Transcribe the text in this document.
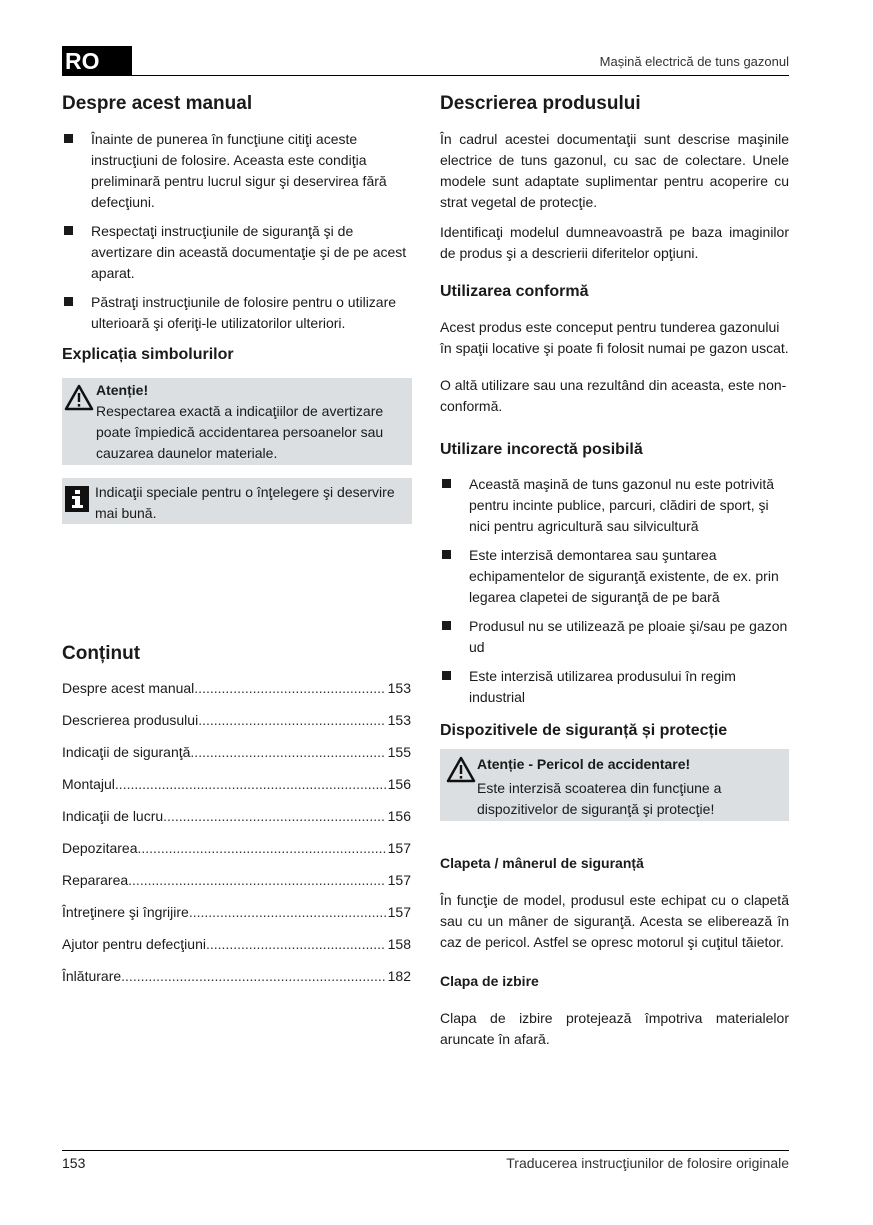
RO	Mașină electrică de tuns gazonul
Despre acest manual
Înainte de punerea în funcţiune citiţi aceste instrucţiuni de folosire. Aceasta este condiţia preliminară pentru lucrul sigur şi deservirea fără defecţiuni.
Respectaţi instrucţiunile de siguranţă şi de avertizare din această documentaţie şi de pe acest aparat.
Păstraţi instrucţiunile de folosire pentru o utilizare ulterioară şi oferiţi-le utilizatorilor ulteriori.
Explicația simbolurilor
Atenție!
Respectarea exactă a indicaţiilor de avertizare poate împiedică accidentarea persoanelor sau cauzarea daunelor materiale.
Indicaţii speciale pentru o înţelegere şi deservire mai bună.
Conținut
Despre acest manual .....	153
Descrierea produsului .....	153
Indicaţii de siguranţă .....	155
Montajul .....	156
Indicaţii de lucru .....	156
Depozitarea .....	157
Repararea .....	157
Întreţinere şi îngrijire .....	157
Ajutor pentru defecţiuni .....	158
Înlăturare .....	182
Descrierea produsului

În cadrul acestei documentaţii sunt descrise maşinile electrice de tuns gazonul, cu sac de colectare. Unele modele sunt adaptate suplimentar pentru acoperire cu strat vegetal de protecţie.

Identificaţi modelul dumneavoastră pe baza imaginilor de produs şi a descrierii diferitelor opţiuni.

Utilizarea conformă

Acest produs este conceput pentru tunderea gazonului în spaţii locative şi poate fi folosit numai pe gazon uscat.

O altă utilizare sau una rezultând din aceasta, este non-conformă.

Utilizare incorectă posibilă
Această maşină de tuns gazonul nu este potrivită pentru incinte publice, parcuri, clădiri de sport, şi nici pentru agricultură sau silvicultură
Este interzisă demontarea sau şuntarea echipamentelor de siguranţă existente, de ex. prin legarea clapetei de siguranţă de pe bară
Produsul nu se utilizează pe ploaie şi/sau pe gazon ud
Este interzisă utilizarea produsului în regim industrial
Dispozitivele de siguranță și protecție
Atenție - Pericol de accidentare!
Este interzisă scoaterea din funcţiune a dispozitivelor de siguranţă şi protecţie!
Clapeta / mânerul de siguranță

În funcţie de model, produsul este echipat cu o clapetă sau cu un mâner de siguranţă. Acesta se eliberează în caz de pericol. Astfel se opresc motorul şi cuţitul tăietor.

Clapa de izbire

Clapa de izbire protejează împotriva materialelor aruncate în afară.

153	Traducerea instrucţiunilor de folosire originale
